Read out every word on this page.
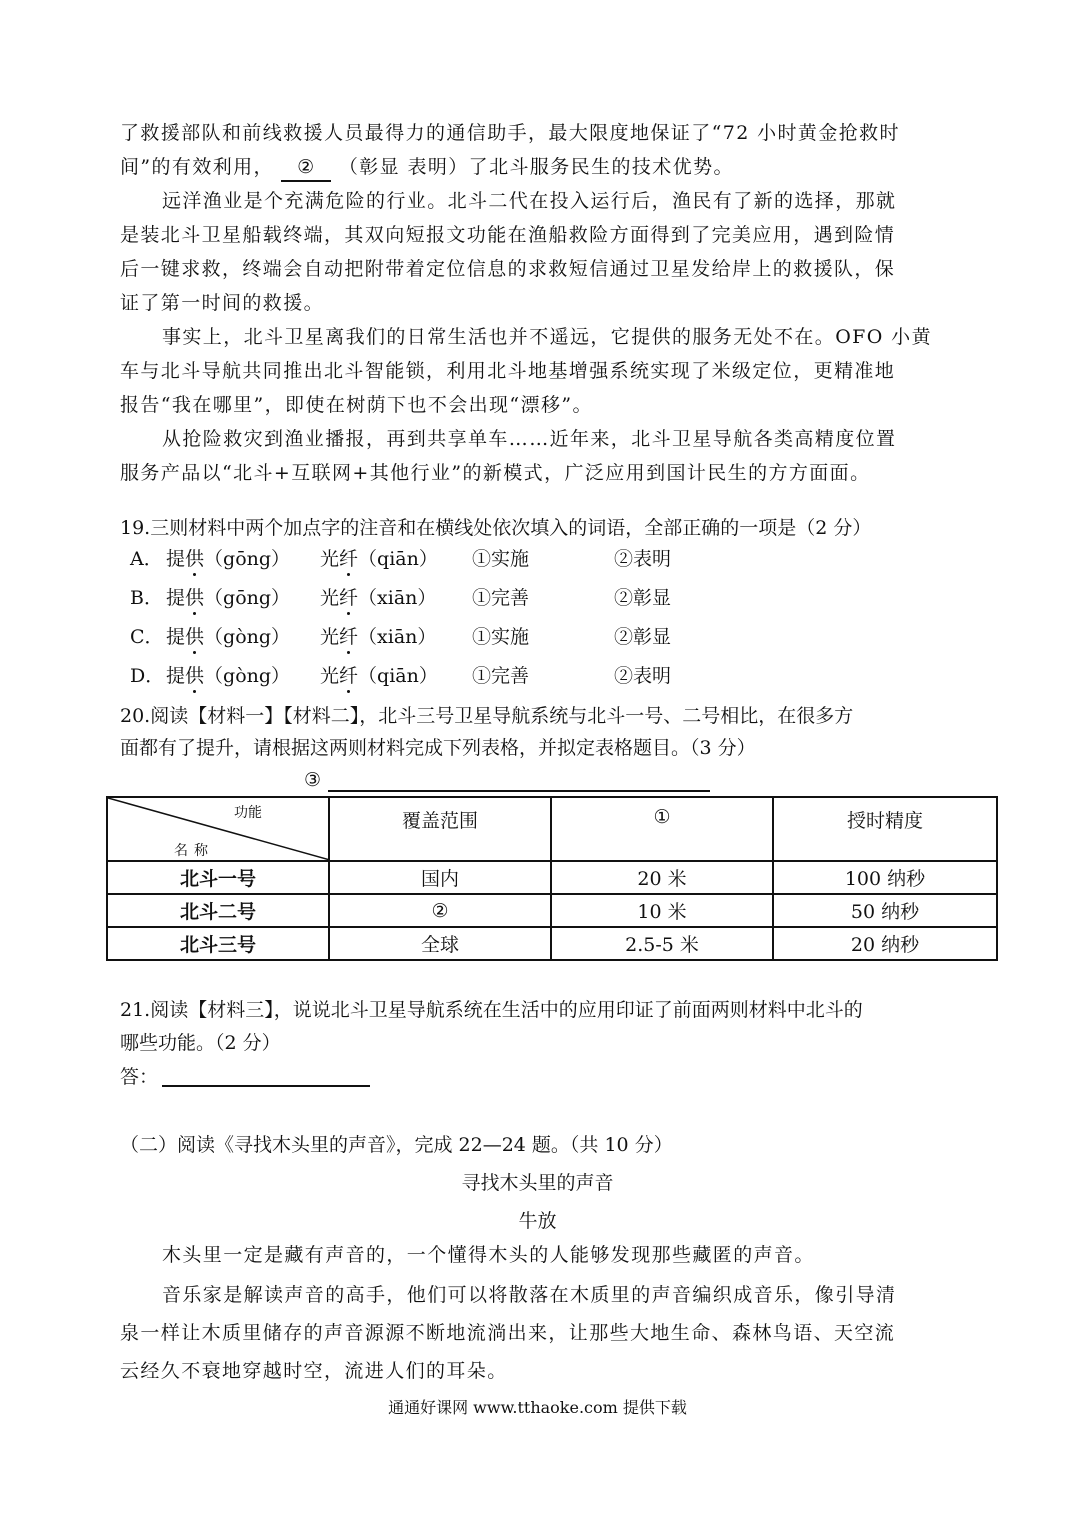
了救援部队和前线救援人员最得力的通信助手，最大限度地保证了“72 小时黄金抢救时
间”的有效利用， ② （彰显 表明）了北斗服务民生的技术优势。
远洋渔业是个充满危险的行业。北斗二代在投入运行后，渔民有了新的选择，那就
是装北斗卫星船载终端，其双向短报文功能在渔船救险方面得到了完美应用，遇到险情
后一键求救，终端会自动把附带着定位信息的求救短信通过卫星发给岸上的救援队，保
证了第一时间的救援。
事实上，北斗卫星离我们的日常生活也并不遥远，它提供的服务无处不在。OFO 小黄
车与北斗导航共同推出北斗智能锁，利用北斗地基增强系统实现了米级定位，更精准地
报告“我在哪里”，即使在树荫下也不会出现“漂移”。
从抢险救灾到渔业播报，再到共享单车……近年来，北斗卫星导航各类高精度位置
服务产品以“北斗+互联网+其他行业”的新模式，广泛应用到国计民生的方方面面。
19.三则材料中两个加点字的注音和在横线处依次填入的词语，全部正确的一项是（2 分）
A． 提供（gōng） 光纤（qiān） ①实施	②表明
B． 提供（gōng） 光纤（xiān） ①完善	②彰显
C． 提供（gòng） 光纤（xiān） ①实施	②彰显
D． 提供（gòng） 光纤（qiān） ①完善	②表明
20.阅读【材料一】【材料二】，北斗三号卫星导航系统与北斗一号、二号相比，在很多方
面都有了提升，请根据这两则材料完成下列表格，并拟定表格题目。（3 分）
③
功能
名称	覆盖范围	①	授时精度
北斗一号	国内	20 米	100 纳秒
北斗二号	②	10 米	50 纳秒
北斗三号	全球	2.5-5 米	20 纳秒
21.阅读【材料三】，说说北斗卫星导航系统在生活中的应用印证了前面两则材料中北斗的
哪些功能。（2 分）
答：
（二）阅读《寻找木头里的声音》，完成 22—24 题。（共 10 分）
寻找木头里的声音
牛放
木头里一定是藏有声音的，一个懂得木头的人能够发现那些藏匿的声音。
音乐家是解读声音的高手，他们可以将散落在木质里的声音编织成音乐，像引导清
泉一样让木质里储存的声音源源不断地流淌出来，让那些大地生命、森林鸟语、天空流
云经久不衰地穿越时空，流进人们的耳朵。
通通好课网 www.tthaoke.com 提供下载
